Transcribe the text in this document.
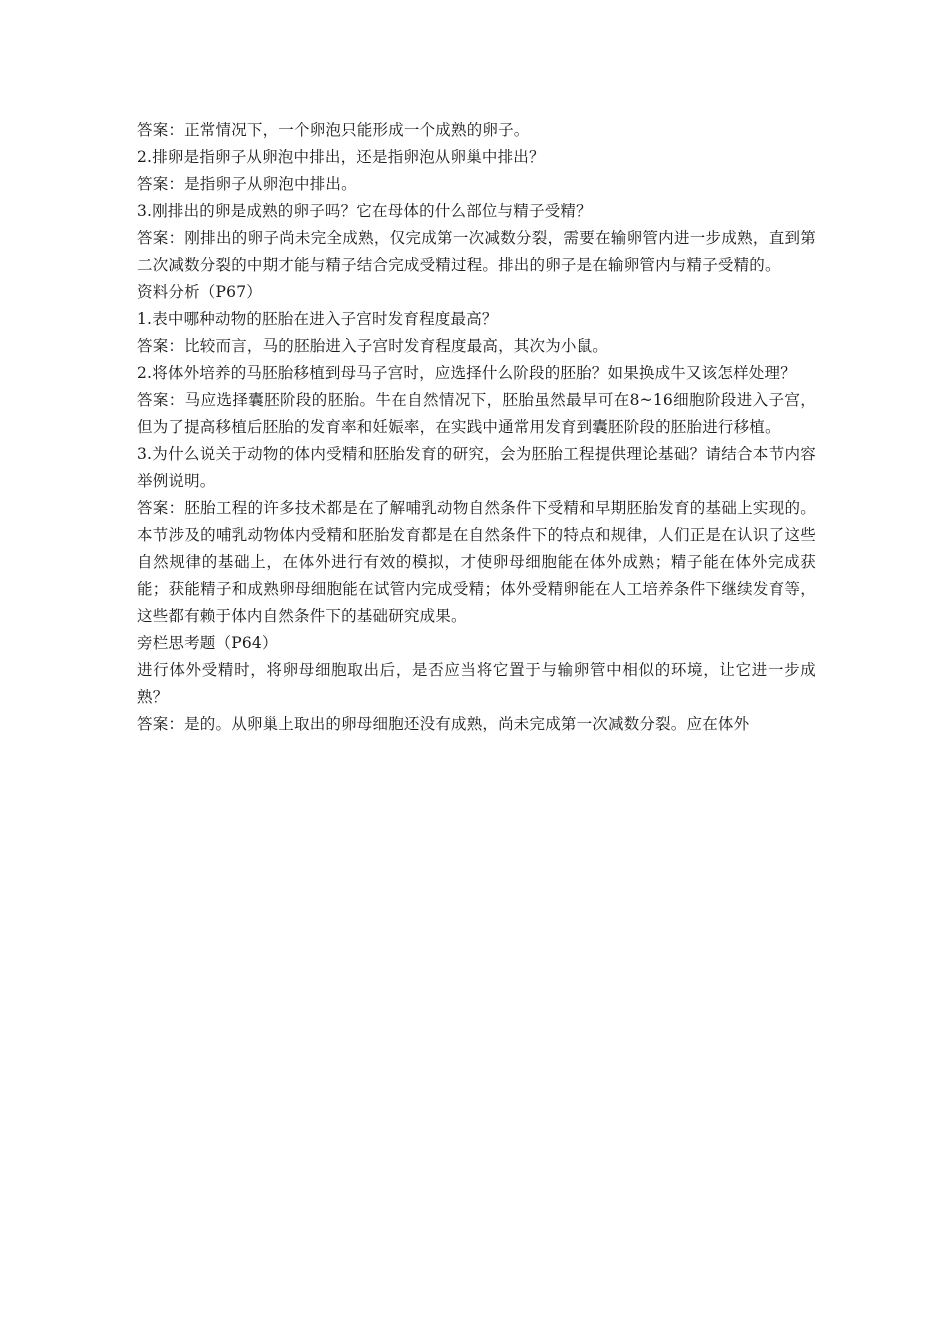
答案：正常情况下，一个卵泡只能形成一个成熟的卵子。

2.排卵是指卵子从卵泡中排出，还是指卵泡从卵巢中排出？

答案：是指卵子从卵泡中排出。

3.刚排出的卵是成熟的卵子吗？它在母体的什么部位与精子受精？

答案：刚排出的卵子尚未完全成熟，仅完成第一次减数分裂，需要在输卵管内进一步成熟，直到第二次减数分裂的中期才能与精子结合完成受精过程。排出的卵子是在输卵管内与精子受精的。

资料分析（P67）

1.表中哪种动物的胚胎在进入子宫时发育程度最高？

答案：比较而言，马的胚胎进入子宫时发育程度最高，其次为小鼠。

2.将体外培养的马胚胎移植到母马子宫时，应选择什么阶段的胚胎？如果换成牛又该怎样处理？

答案：马应选择囊胚阶段的胚胎。牛在自然情况下，胚胎虽然最早可在8~16细胞阶段进入子宫，但为了提高移植后胚胎的发育率和妊娠率，在实践中通常用发育到囊胚阶段的胚胎进行移植。

3.为什么说关于动物的体内受精和胚胎发育的研究，会为胚胎工程提供理论基础？请结合本节内容举例说明。

答案：胚胎工程的许多技术都是在了解哺乳动物自然条件下受精和早期胚胎发育的基础上实现的。本节涉及的哺乳动物体内受精和胚胎发育都是在自然条件下的特点和规律，人们正是在认识了这些自然规律的基础上，在体外进行有效的模拟，才使卵母细胞能在体外成熟；精子能在体外完成获能；获能精子和成熟卵母细胞能在试管内完成受精；体外受精卵能在人工培养条件下继续发育等，这些都有赖于体内自然条件下的基础研究成果。

旁栏思考题（P64）

进行体外受精时，将卵母细胞取出后，是否应当将它置于与输卵管中相似的环境，让它进一步成熟？

答案：是的。从卵巢上取出的卵母细胞还没有成熟，尚未完成第一次减数分裂。应在体外
